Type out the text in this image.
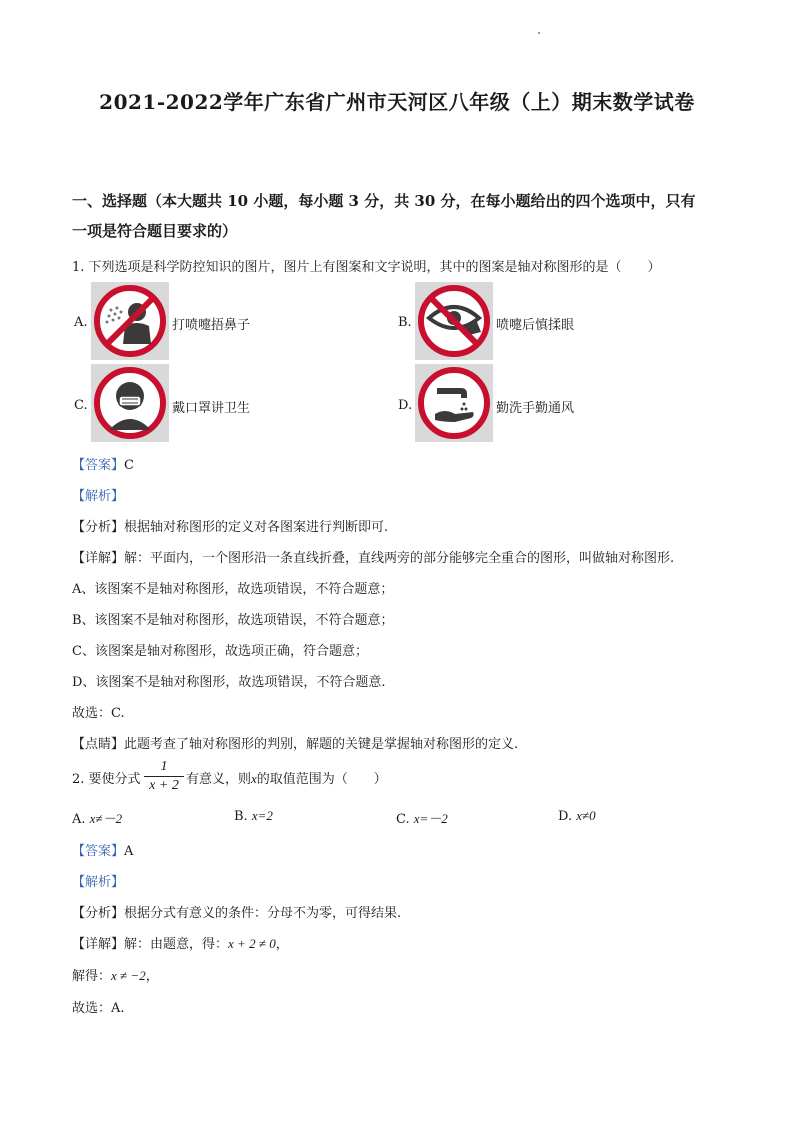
2021-2022学年广东省广州市天河区八年级（上）期末数学试卷
一、选择题（本大题共 10 小题，每小题 3 分，共 30 分，在每小题给出的四个选项中，只有
一项是符合题目要求的）
1. 下列选项是科学防控知识的图片，图片上有图案和文字说明，其中的图案是轴对称图形的是（　　）
A.	打喷嚏捂鼻子	B.	喷嚏后慎揉眼
C.	戴口罩讲卫生	D.	勤洗手勤通风
【答案】C
【解析】
【分析】根据轴对称图形的定义对各图案进行判断即可.
【详解】解：平面内，一个图形沿一条直线折叠，直线两旁的部分能够完全重合的图形，叫做轴对称图形.
A、该图案不是轴对称图形，故选项错误，不符合题意；
B、该图案不是轴对称图形，故选项错误，不符合题意；
C、该图案是轴对称图形，故选项正确，符合题意；
D、该图案不是轴对称图形，故选项错误，不符合题意.
故选：C.
【点睛】此题考查了轴对称图形的判别，解题的关键是掌握轴对称图形的定义.
2. 要使分式 $\frac{1}{x + 2}$ 有意义，则x的取值范围为（　　）
A. x≠－2	B. x=2	C. x=－2	D. x≠0
【答案】A
【解析】
【分析】根据分式有意义的条件：分母不为零，可得结果.
【详解】解：由题意，得：x + 2 ≠ 0，
解得：x ≠ −2，
故选：A.
